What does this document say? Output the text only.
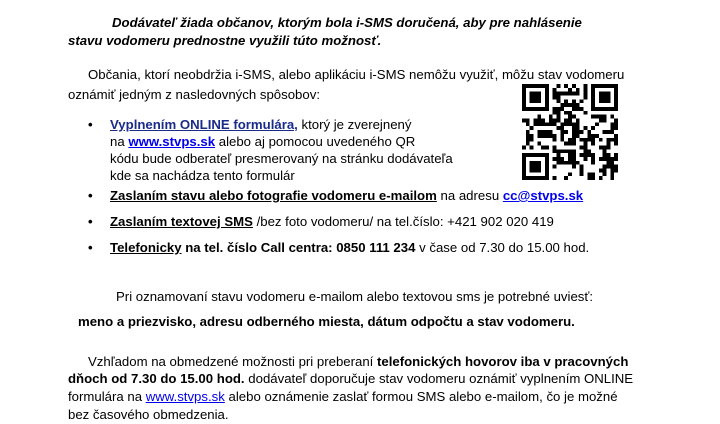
Dodávateľ žiada občanov, ktorým bola i-SMS doručená, aby pre nahlásenie
stavu vodomeru prednostne využili túto možnosť.
Občania, ktorí neobdržia i-SMS, alebo aplikáciu i-SMS nemôžu využiť, môžu stav vodomeru
oznámiť jedným z nasledovných spôsobov:
• Vyplnením ONLINE formulára, ktorý je zverejnený
na www.stvps.sk alebo aj pomocou uvedeného QR
kódu bude odberateľ presmerovaný na stránku dodávateľa
kde sa nachádza tento formulár
• Zaslaním stavu alebo fotografie vodomeru e-mailom na adresu cc@stvps.sk
• Zaslaním textovej SMS /bez foto vodomeru/ na tel.číslo: +421 902 020 419
• Telefonicky na tel. číslo Call centra: 0850 111 234 v čase od 7.30 do 15.00 hod.
Pri oznamovaní stavu vodomeru e-mailom alebo textovou sms je potrebné uviesť:
meno a priezvisko, adresu odberného miesta, dátum odpočtu a stav vodomeru.
Vzhľadom na obmedzené možnosti pri preberaní telefonických hovorov iba v pracovných
dňoch od 7.30 do 15.00 hod. dodávateľ doporučuje stav vodomeru oznámiť vyplnením ONLINE
formulára na www.stvps.sk alebo oznámenie zaslať formou SMS alebo e-mailom, čo je možné
bez časového obmedzenia.
